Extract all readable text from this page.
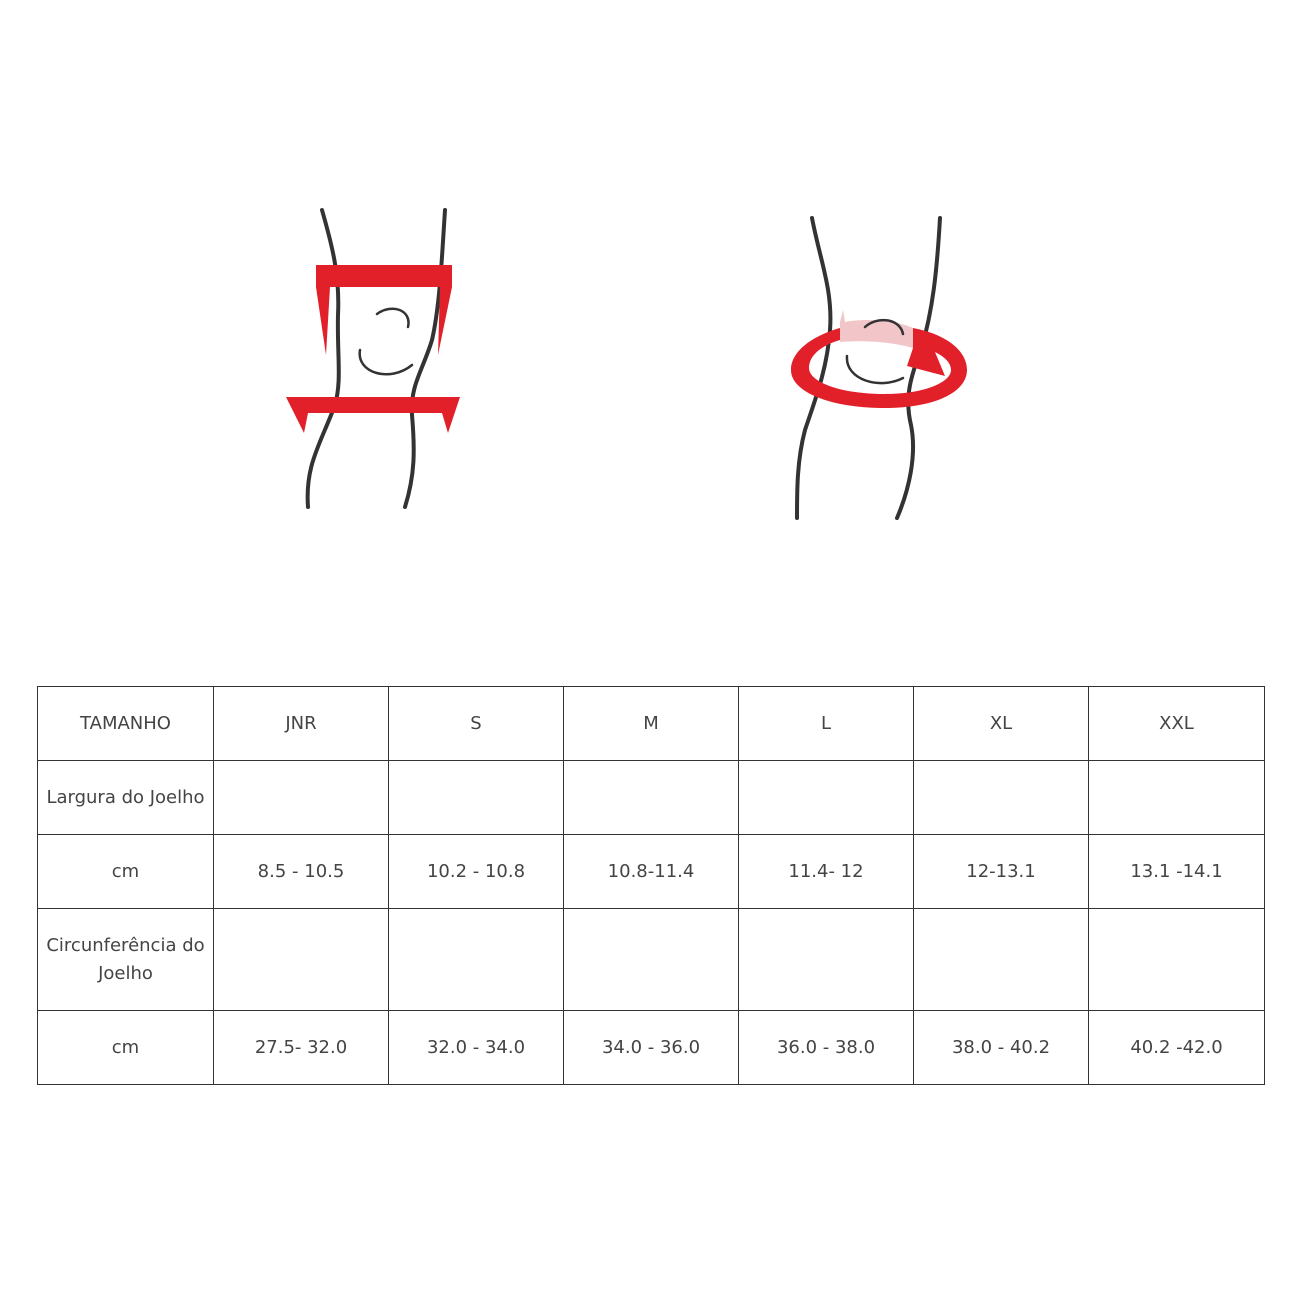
TAMANHO	JNR	S	M	L	XL	XXL
Largura do Joelho						
cm	8.5 - 10.5	10.2 - 10.8	10.8-11.4	11.4- 12	12-13.1	13.1 -14.1
Circunferência do Joelho						
cm	27.5- 32.0	32.0 - 34.0	34.0 - 36.0	36.0 - 38.0	38.0 - 40.2	40.2 -42.0
